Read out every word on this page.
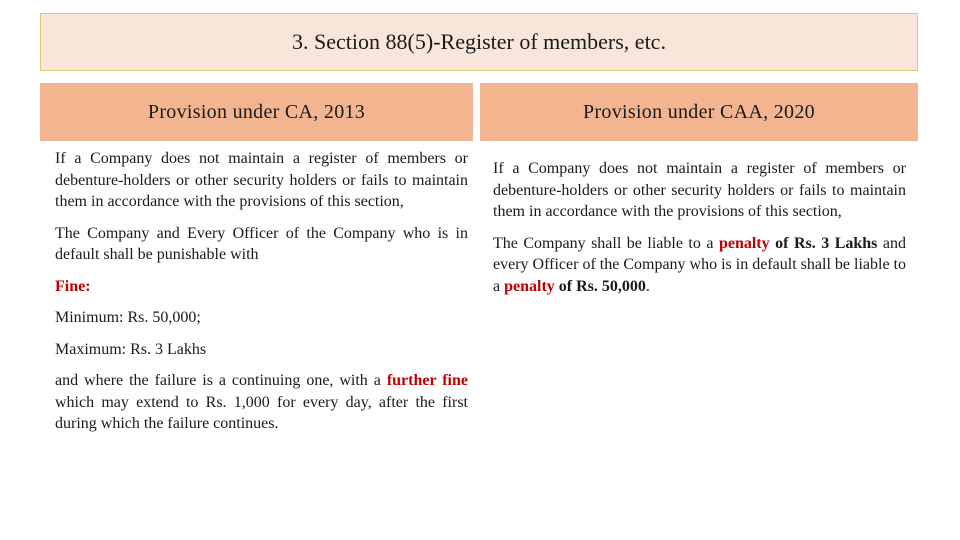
3. Section 88(5)-Register of members, etc.
Provision under CA, 2013	Provision under CAA, 2020

If a Company does not maintain a register of members or debenture-holders or other security holders or fails to maintain them in accordance with the provisions of this section,

The Company and Every Officer of the Company who is in default shall be punishable with

Fine:

Minimum: Rs. 50,000;

Maximum: Rs. 3 Lakhs

and where the failure is a continuing one, with a further fine which may extend to Rs. 1,000 for every day, after the first during which the failure continues.

If a Company does not maintain a register of members or debenture-holders or other security holders or fails to maintain them in accordance with the provisions of this section,

The Company shall be liable to a penalty of Rs. 3 Lakhs and every Officer of the Company who is in default shall be liable to a penalty of Rs. 50,000.
